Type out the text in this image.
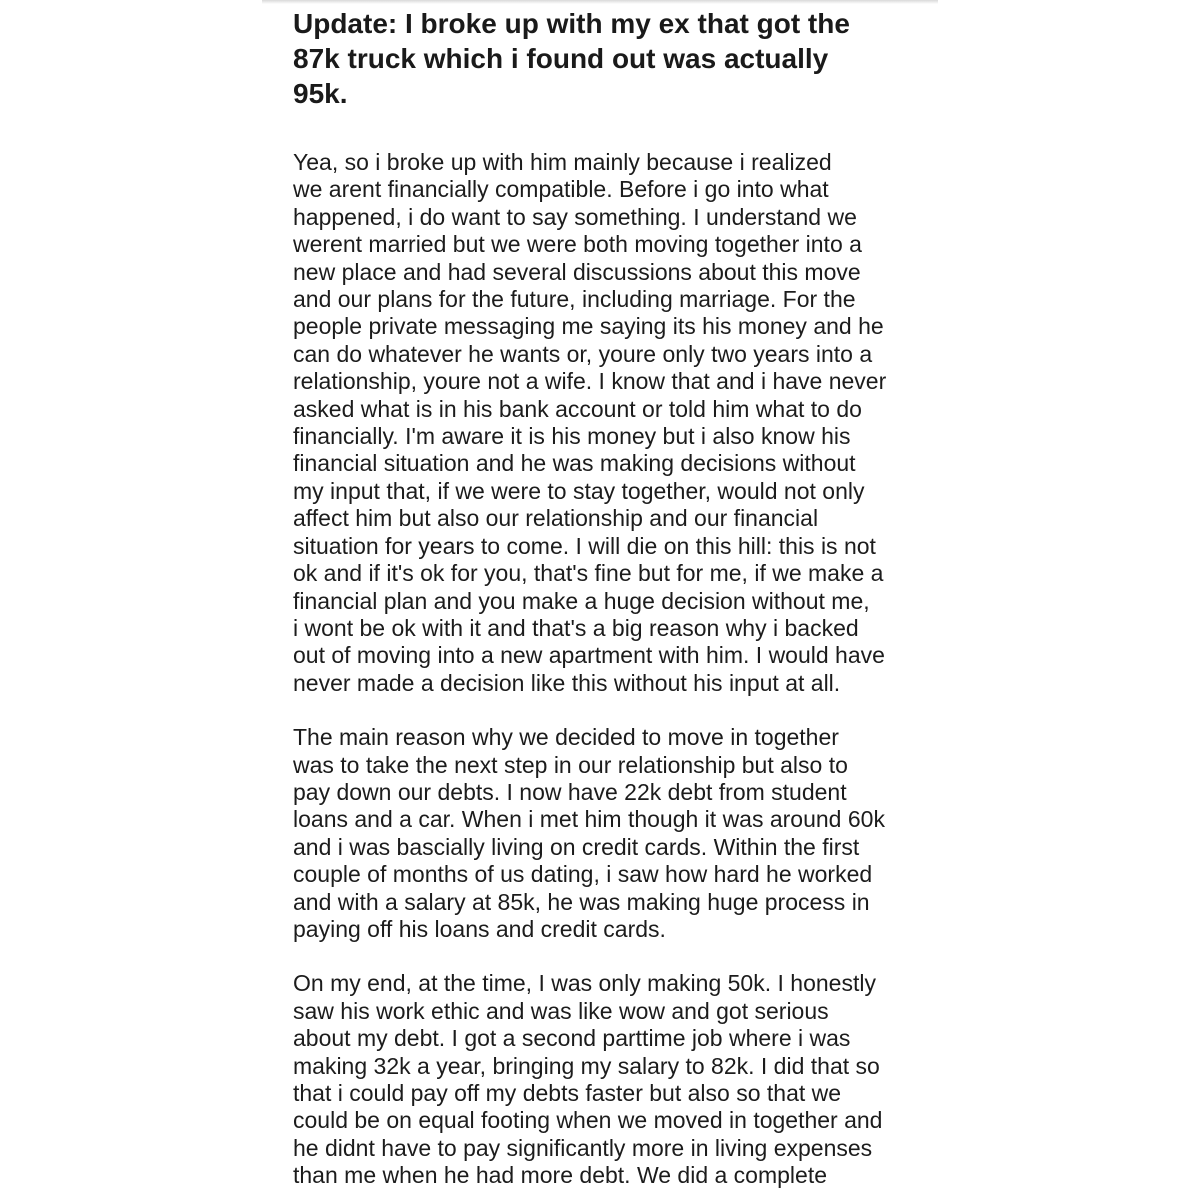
Update: I broke up with my ex that got the
87k truck which i found out was actually
95k.

Yea, so i broke up with him mainly because i realized
we arent financially compatible. Before i go into what
happened, i do want to say something. I understand we
werent married but we were both moving together into a
new place and had several discussions about this move
and our plans for the future, including marriage. For the
people private messaging me saying its his money and he
can do whatever he wants or, youre only two years into a
relationship, youre not a wife. I know that and i have never
asked what is in his bank account or told him what to do
financially. I'm aware it is his money but i also know his
financial situation and he was making decisions without
my input that, if we were to stay together, would not only
affect him but also our relationship and our financial
situation for years to come. I will die on this hill: this is not
ok and if it's ok for you, that's fine but for me, if we make a
financial plan and you make a huge decision without me,
i wont be ok with it and that's a big reason why i backed
out of moving into a new apartment with him. I would have
never made a decision like this without his input at all.

The main reason why we decided to move in together
was to take the next step in our relationship but also to
pay down our debts. I now have 22k debt from student
loans and a car. When i met him though it was around 60k
and i was bascially living on credit cards. Within the first
couple of months of us dating, i saw how hard he worked
and with a salary at 85k, he was making huge process in
paying off his loans and credit cards.

On my end, at the time, I was only making 50k. I honestly
saw his work ethic and was like wow and got serious
about my debt. I got a second parttime job where i was
making 32k a year, bringing my salary to 82k. I did that so
that i could pay off my debts faster but also so that we
could be on equal footing when we moved in together and
he didnt have to pay significantly more in living expenses
than me when he had more debt. We did a complete
